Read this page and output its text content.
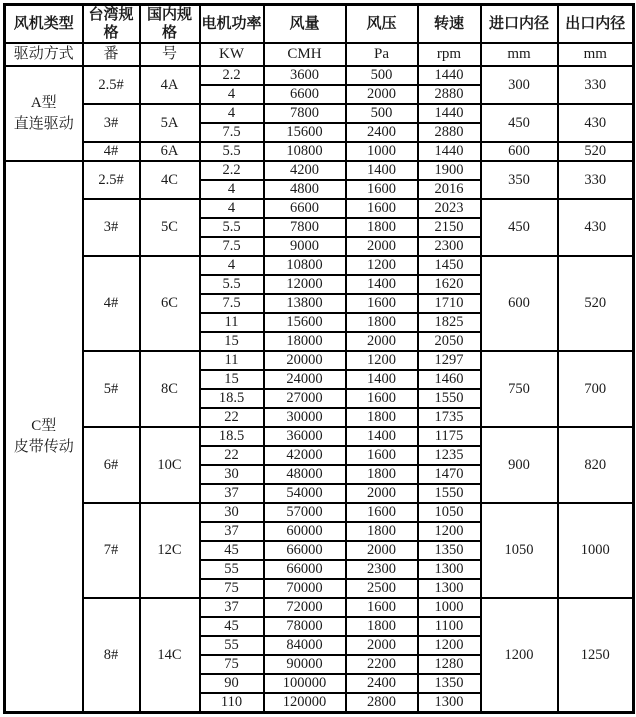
风机类型	台湾规格	国内规格	电机功率	风量	风压	转速	进口内径	出口内径
驱动方式	番	号	KW	CMH	Pa	rpm	mm	mm

A型
直连驱动	2.5#	4A	2.2	3600	500	1440	300	330
			4	6600	2000	2880		
	3#	5A	4	7800	500	1440	450	430
			7.5	15600	2400	2880		
	4#	6A	5.5	10800	1000	1440	600	520

C型
皮带传动	2.5#	4C	2.2	4200	1400	1900	350	330
			4	4800	1600	2016		
	3#	5C	4	6600	1600	2023	450	430
			5.5	7800	1800	2150		
			7.5	9000	2000	2300		
	4#	6C	4	10800	1200	1450	600	520
			5.5	12000	1400	1620		
			7.5	13800	1600	1710		
			11	15600	1800	1825		
			15	18000	2000	2050		
	5#	8C	11	20000	1200	1297	750	700
			15	24000	1400	1460		
			18.5	27000	1600	1550		
			22	30000	1800	1735		
	6#	10C	18.5	36000	1400	1175	900	820
			22	42000	1600	1235		
			30	48000	1800	1470		
			37	54000	2000	1550		
	7#	12C	30	57000	1600	1050	1050	1000
			37	60000	1800	1200		
			45	66000	2000	1350		
			55	66000	2300	1300		
			75	70000	2500	1300		
	8#	14C	37	72000	1600	1000	1200	1250
			45	78000	1800	1100		
			55	84000	2000	1200		
			75	90000	2200	1280		
			90	100000	2400	1350		
			110	120000	2800	1300		
